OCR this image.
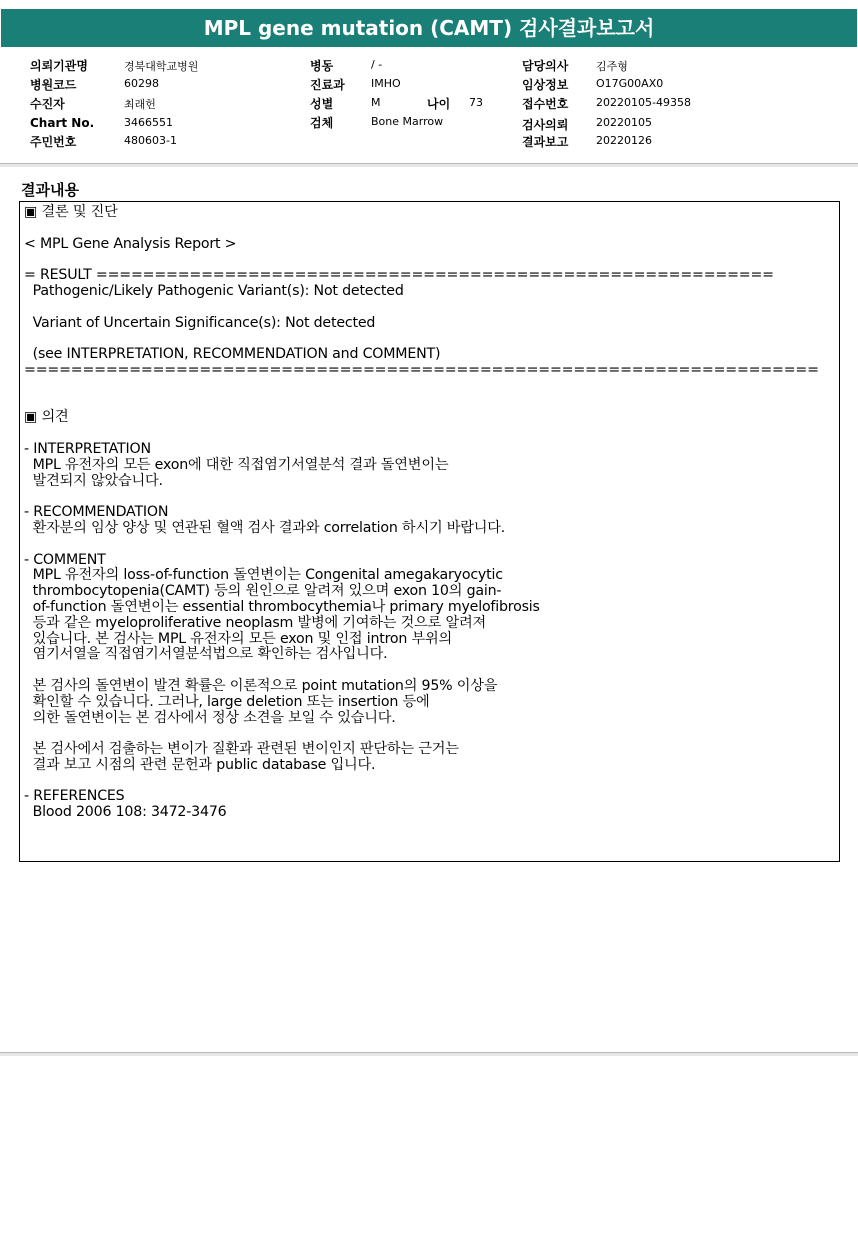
MPL gene mutation (CAMT) 검사결과보고서
의뢰기관명	경북대학교병원
병원코드	60298
수진자	최래헌
Chart No.	3466551
주민번호	480603-1
병동	/ -
진료과 IMHO
성별	M	나이 73
검체	Bone Marrow
담당의사	김주형
임상정보	O17G00AX0
접수번호	20220105-49358
검사의뢰	20220105
결과보고	20220126
결과내용
▣ 결론 및 진단

< MPL Gene Analysis Report >

= RESULT ==========================================================
Pathogenic/Likely Pathogenic Variant(s): Not detected

Variant of Uncertain Significance(s): Not detected

(see INTERPRETATION, RECOMMENDATION and COMMENT)
====================================================================

▣ 의견

- INTERPRETATION
MPL 유전자의 모든 exon에 대한 직접염기서열분석 결과 돌연변이는
발견되지 않았습니다.

- RECOMMENDATION
환자분의 임상 양상 및 연관된 혈액 검사 결과와 correlation 하시기 바랍니다.

- COMMENT
MPL 유전자의 loss-of-function 돌연변이는 Congenital amegakaryocytic
thrombocytopenia(CAMT) 등의 원인으로 알려져 있으며 exon 10의 gain-
of-function 돌연변이는 essential thrombocythemia나 primary myelofibrosis
등과 같은 myeloproliferative neoplasm 발병에 기여하는 것으로 알려져
있습니다. 본 검사는 MPL 유전자의 모든 exon 및 인접 intron 부위의
염기서열을 직접염기서열분석법으로 확인하는 검사입니다.

본 검사의 돌연변이 발견 확률은 이론적으로 point mutation의 95% 이상을
확인할 수 있습니다. 그러나, large deletion 또는 insertion 등에
의한 돌연변이는 본 검사에서 정상 소견을 보일 수 있습니다.

본 검사에서 검출하는 변이가 질환과 관련된 변이인지 판단하는 근거는
결과 보고 시점의 관련 문헌과 public database 입니다.

- REFERENCES
Blood 2006 108: 3472-3476
